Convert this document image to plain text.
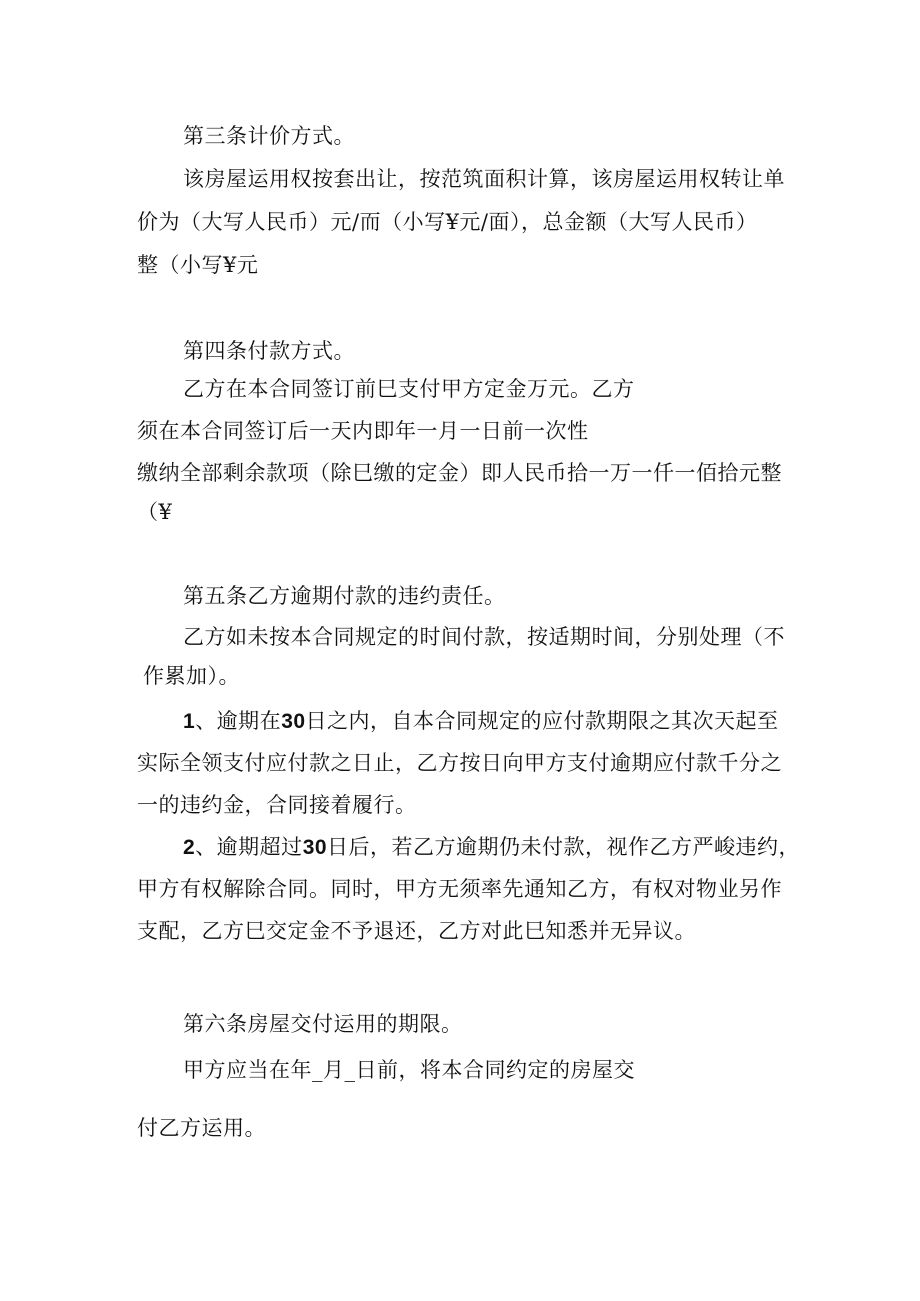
第三条计价方式。
该房屋运用权按套出让，按范筑面积计算，该房屋运用权转让单
价为（大写人民币）元/而（小写¥元/面），总金额（大写人民币）
整（小写¥元
第四条付款方式。
乙方在本合同签订前巳支付甲方定金万元。乙方
须在本合同签订后一天内即年一月一日前一次性
缴纳全部剩余款项（除巳缴的定金）即人民币拾一万一仟一佰拾元整
（¥
第五条乙方逾期付款的违约责任。
乙方如未按本合同规定的时间付款，按适期时间，分别处理（不
作累加）。
1、逾期在30日之内，自本合同规定的应付款期限之其次天起至
实际全领支付应付款之日止，乙方按日向甲方支付逾期应付款千分之
一的违约金，合同接着履行。
2、逾期超过30日后，若乙方逾期仍未付款，视作乙方严峻违约，
甲方有权解除合同。同时，甲方无须率先通知乙方，有权对物业另作
支配，乙方巳交定金不予退还，乙方对此巳知悉并无异议。
第六条房屋交付运用的期限。
甲方应当在年_月_日前，将本合同约定的房屋交
付乙方运用。
